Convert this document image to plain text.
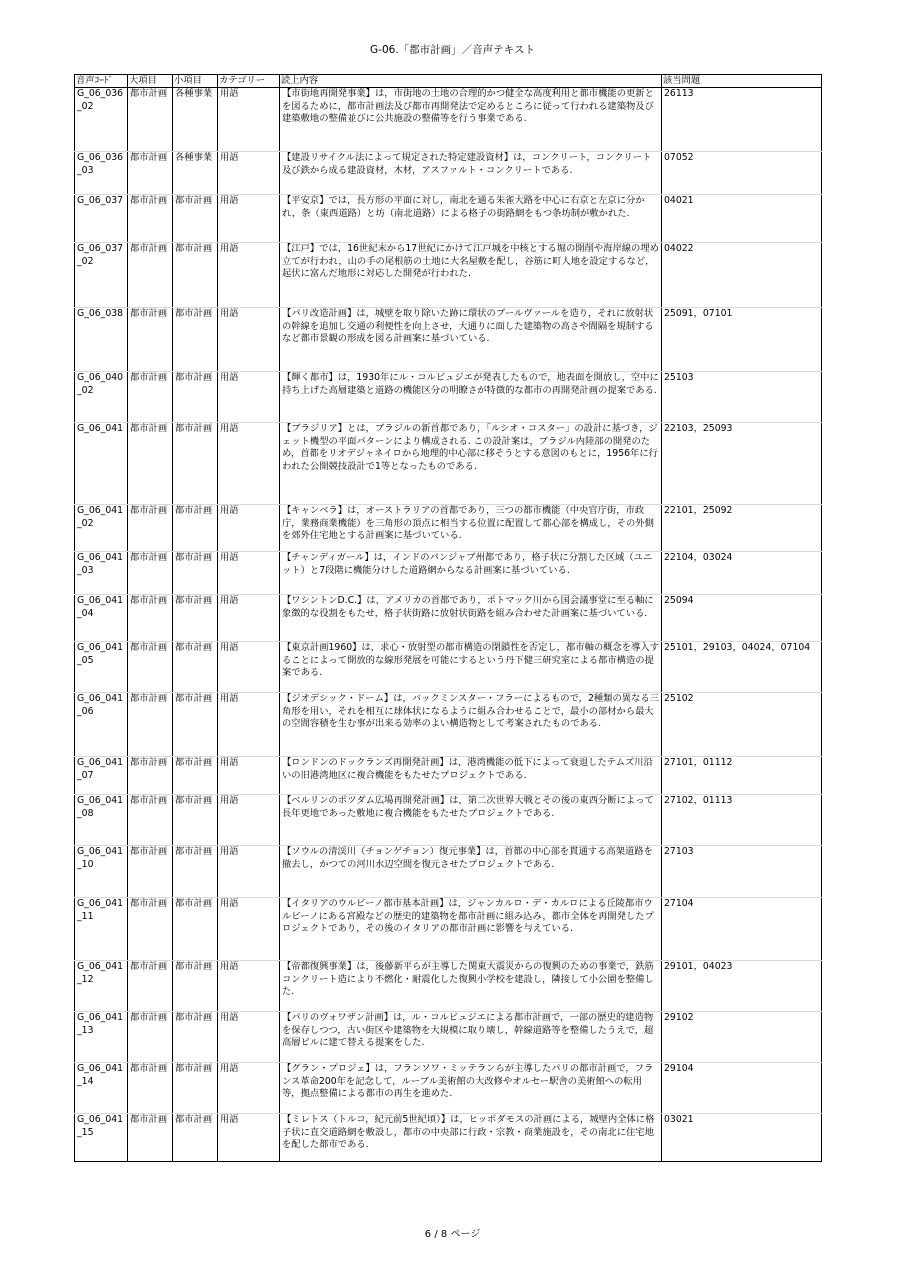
G-06.「都市計画」／音声テキスト
音声ｺｰﾄﾞ	大項目	小項目	カテゴリー	読上内容	該当問題
G_06_036_02	都市計画	各種事業	用語	【市街地再開発事業】は，市街地の土地の合理的かつ健全な高度利用と都市機能の更新とを図るために，都市計画法及び都市再開発法で定めるところに従って行われる建築物及び建築敷地の整備並びに公共施設の整備等を行う事業である.	26113
G_06_036_03	都市計画	各種事業	用語	【建設リサイクル法によって規定された特定建設資材】は，コンクリート，コンクリート及び鉄から成る建設資材，木材，アスファルト・コンクリートである.	07052
G_06_037	都市計画	都市計画	用語	【平安京】では，長方形の平面に対し，南北を通る朱雀大路を中心に右京と左京に分かれ，条（東西道路）と坊（南北道路）による格子の街路網をもつ条坊制が敷かれた.	04021
G_06_037_02	都市計画	都市計画	用語	【江戸】では，16世紀末から17世紀にかけて江戸城を中核とする堀の開削や海岸線の埋め立てが行われ，山の手の尾根筋の土地に大名屋敷を配し，谷筋に町人地を設定するなど，起伏に富んだ地形に対応した開発が行われた.	04022
G_06_038	都市計画	都市計画	用語	【パリ改造計画】は，城壁を取り除いた跡に環状のブールヴァールを造り，それに放射状の幹線を追加し交通の利便性を向上させ，大通りに面した建築物の高さや間隔を規制するなど都市景観の形成を図る計画案に基づいている.	25091，07101
G_06_040_02	都市計画	都市計画	用語	【輝く都市】は，1930年にル・コルビュジエが発表したもので，地表面を開放し，空中に持ち上げた高層建築と道路の機能区分の明瞭さが特徴的な都市の再開発計画の提案である.	25103
G_06_041	都市計画	都市計画	用語	【ブラジリア】とは，ブラジルの新首都であり，「ルシオ・コスター」の設計に基づき，ジェット機型の平面パターンにより構成される. この設計案は，ブラジル内陸部の開発のため，首都をリオデジャネイロから地理的中心部に移そうとする意図のもとに，1956年に行われた公開競技設計で1等となったものである.	22103，25093
G_06_041_02	都市計画	都市計画	用語	【キャンベラ】は，オーストラリアの首都であり，三つの都市機能（中央官庁街，市政庁，業務商業機能）を三角形の頂点に相当する位置に配置して都心部を構成し，その外側を郊外住宅地とする計画案に基づいている.	22101，25092
G_06_041_03	都市計画	都市計画	用語	【チャンディガール】は，インドのパンジャブ州都であり，格子状に分割した区域（ユニット）と7段階に機能分けした道路網からなる計画案に基づいている.	22104，03024
G_06_041_04	都市計画	都市計画	用語	【ワシントンD.C.】は，アメリカの首都であり，ポトマック川から国会議事堂に至る軸に象徴的な役割をもたせ，格子状街路に放射状街路を組み合わせた計画案に基づいている.	25094
G_06_041_05	都市計画	都市計画	用語	【東京計画1960】は，求心・放射型の都市構造の閉鎖性を否定し，都市軸の概念を導入することによって開放的な線形発展を可能にするという丹下健三研究室による都市構造の提案である.	25101，29103，04024，07104
G_06_041_06	都市計画	都市計画	用語	【ジオデシック・ドーム】は，バックミンスター・フラーによるもので，2種類の異なる三角形を用い，それを相互に球体状になるように組み合わせることで，最小の部材から最大の空間容積を生む事が出来る効率のよい構造物として考案されたものである.	25102
G_06_041_07	都市計画	都市計画	用語	【ロンドンのドックランズ再開発計画】は，港湾機能の低下によって衰退したテムズ川沿いの旧港湾地区に複合機能をもたせたプロジェクトである.	27101，01112
G_06_041_08	都市計画	都市計画	用語	【ベルリンのポツダム広場再開発計画】は，第二次世界大戦とその後の東西分断によって長年更地であった敷地に複合機能をもたせたプロジェクトである.	27102，01113
G_06_041_10	都市計画	都市計画	用語	【ソウルの清渓川（チョンゲチョン）復元事業】は，首都の中心部を貫通する高架道路を撤去し，かつての河川水辺空間を復元させたプロジェクトである.	27103
G_06_041_11	都市計画	都市計画	用語	【イタリアのウルビーノ都市基本計画】は，ジャンカルロ・デ・カルロによる丘陵都市ウルビーノにある宮殿などの歴史的建築物を都市計画に組み込み，都市全体を再開発したプロジェクトであり，その後のイタリアの都市計画に影響を与えている.	27104
G_06_041_12	都市計画	都市計画	用語	【帝都復興事業】は，後藤新平らが主導した関東大震災からの復興のための事業で，鉄筋コンクリート造により不燃化・耐震化した復興小学校を建設し，隣接して小公園を整備した.	29101，04023
G_06_041_13	都市計画	都市計画	用語	【パリのヴォワザン計画】は，ル・コルビュジエによる都市計画で，一部の歴史的建造物を保存しつつ，古い街区や建築物を大規模に取り壊し，幹線道路等を整備したうえで，超高層ビルに建て替える提案をした.	29102
G_06_041_14	都市計画	都市計画	用語	【グラン・プロジェ】は，フランソワ・ミッテランらが主導したパリの都市計画で，フランス革命200年を記念して，ルーブル美術館の大改修やオルセー駅舎の美術館への転用等，拠点整備による都市の再生を進めた.	29104
G_06_041_15	都市計画	都市計画	用語	【ミレトス（トルコ，紀元前5世紀頃）】は，ヒッポダモスの計画による，城壁内全体に格子状に直交道路網を敷設し，都市の中央部に行政・宗教・商業施設を，その南北に住宅地を配した都市である.	03021
6 / 8 ページ
